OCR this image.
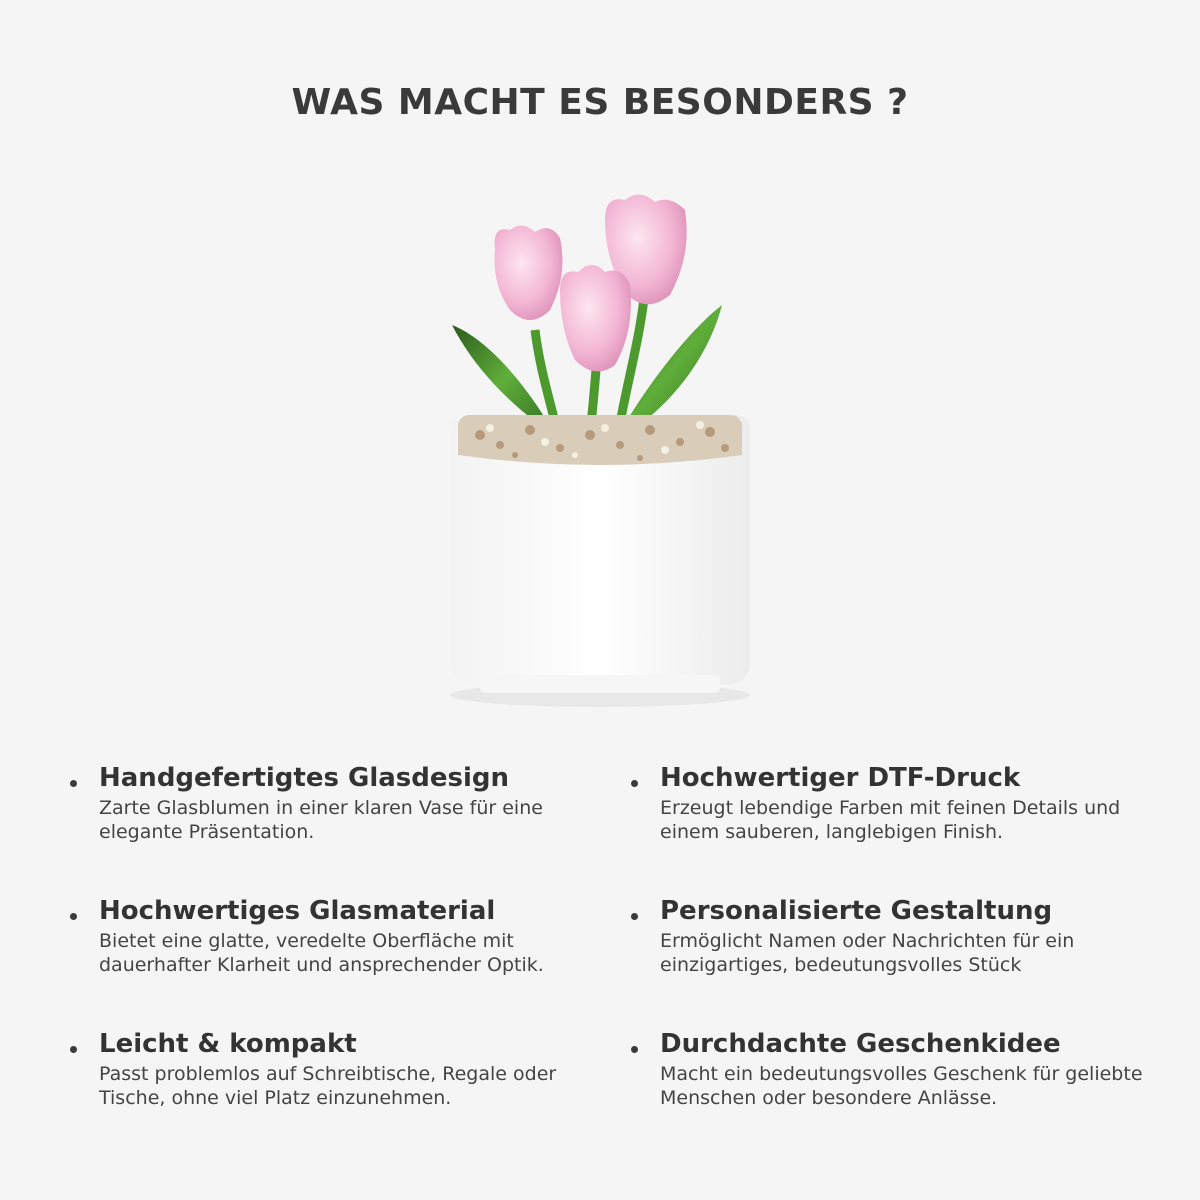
WAS MACHT ES BESONDERS ?

Handgefertigtes Glasdesign

Zarte Glasblumen in einer klaren Vase für eine elegante Präsentation.

Hochwertiger DTF-Druck

Erzeugt lebendige Farben mit feinen Details und einem sauberen, langlebigen Finish.

Hochwertiges Glasmaterial

Bietet eine glatte, veredelte Oberfläche mit dauerhafter Klarheit und ansprechender Optik.

Personalisierte Gestaltung

Ermöglicht Namen oder Nachrichten für ein einzigartiges, bedeutungsvolles Stück

Leicht & kompakt

Passt problemlos auf Schreibtische, Regale oder Tische, ohne viel Platz einzunehmen.

Durchdachte Geschenkidee

Macht ein bedeutungsvolles Geschenk für geliebte Menschen oder besondere Anlässe.
